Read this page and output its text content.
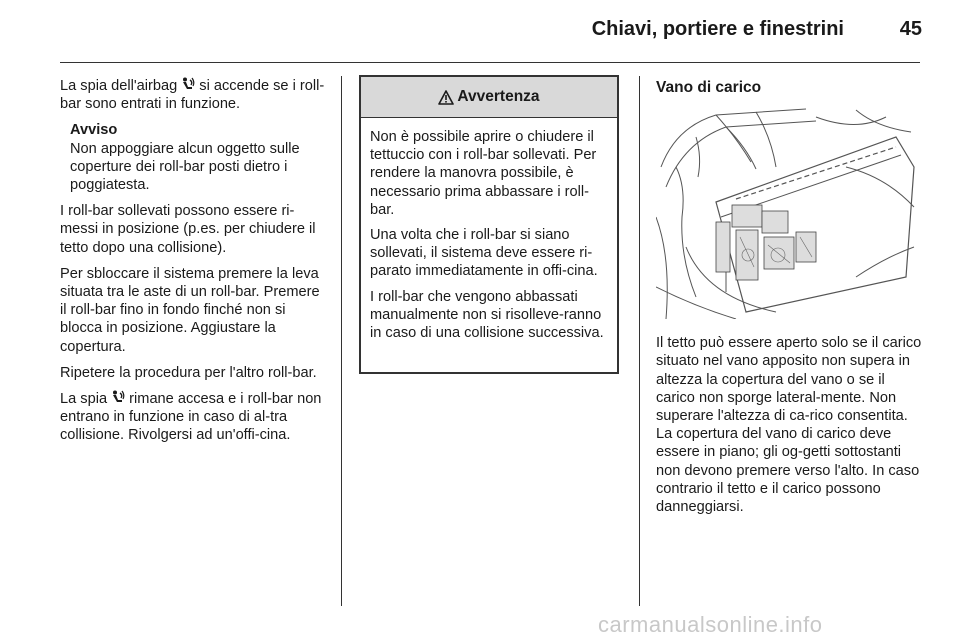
Chiavi, portiere e finestrini	45

La spia dell'airbag  si accende se i roll-bar sono entrati in funzione.

Avviso
Non appoggiare alcun oggetto sulle coperture dei roll-bar posti dietro i poggiatesta.

I roll-bar sollevati possono essere ri-messi in posizione (p.es. per chiudere il tetto dopo una collisione).

Per sbloccare il sistema premere la leva situata tra le aste di un roll-bar. Premere il roll-bar fino in fondo finché non si blocca in posizione. Aggiustare la copertura.

Ripetere la procedura per l'altro roll-bar.

La spia  rimane accesa e i roll-bar non entrano in funzione in caso di al-tra collisione. Rivolgersi ad un'offi-cina.

Avvertenza

Non è possibile aprire o chiudere il tettuccio con i roll-bar sollevati. Per rendere la manovra possibile, è necessario prima abbassare i roll-bar.

Una volta che i roll-bar si siano sollevati, il sistema deve essere ri-parato immediatamente in offi-cina.

I roll-bar che vengono abbassati manualmente non si risolleve-ranno in caso di una collisione successiva.

Vano di carico

Il tetto può essere aperto solo se il carico situato nel vano apposito non supera in altezza la copertura del vano o se il carico non sporge lateral-mente. Non superare l'altezza di ca-rico consentita. La copertura del vano di carico deve essere in piano; gli og-getti sottostanti non devono premere verso l'alto. In caso contrario il tetto e il carico possono danneggiarsi.

carmanualsonline.info
